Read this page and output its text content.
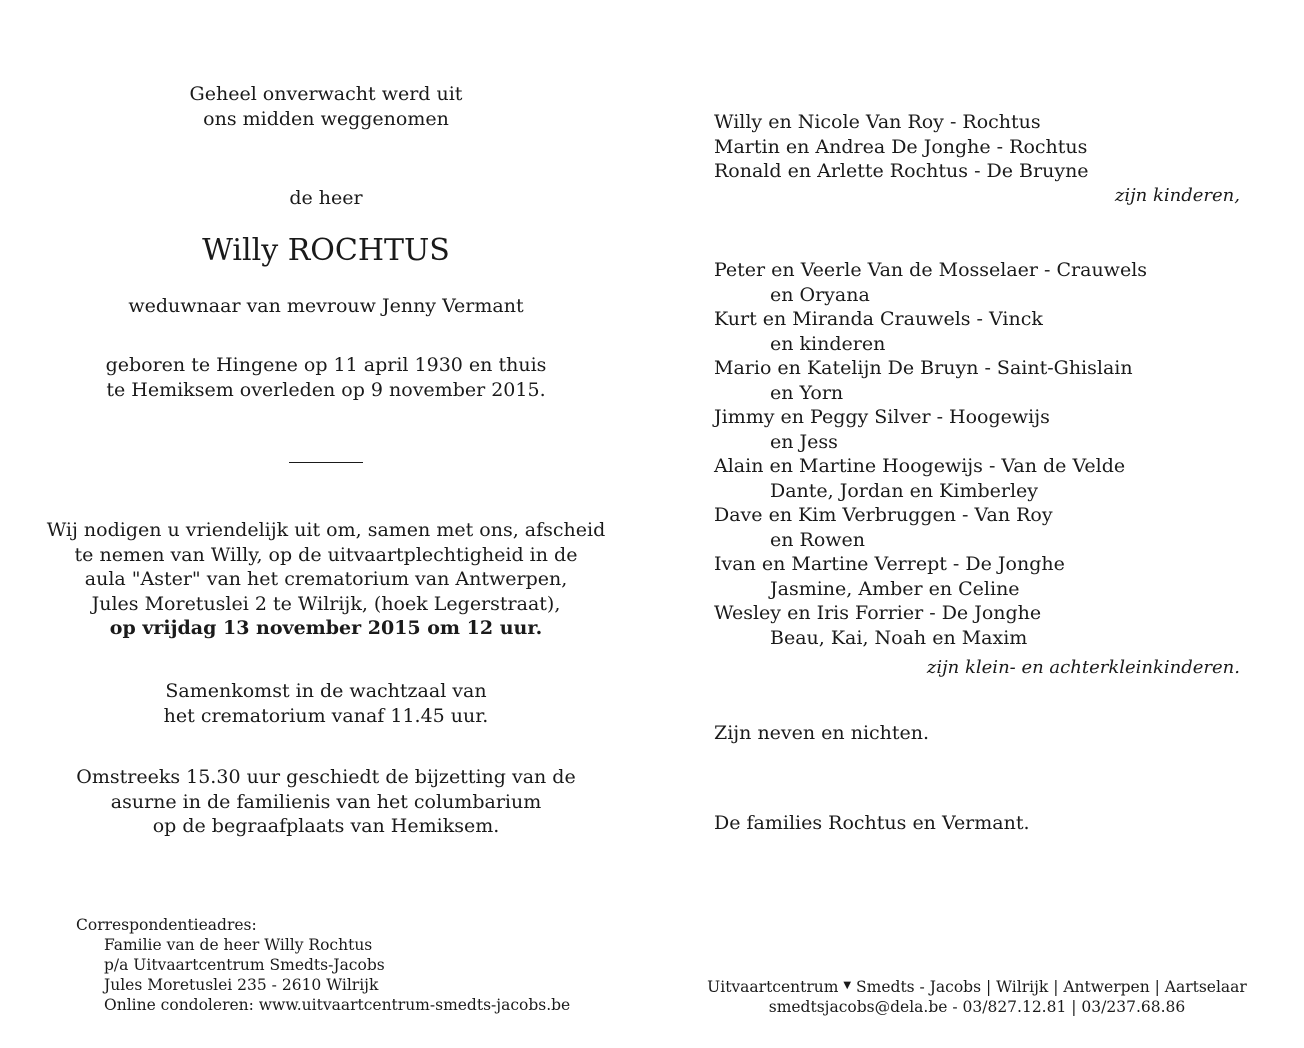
Geheel onverwacht werd uit
ons midden weggenomen
de heer
Willy ROCHTUS
weduwnaar van mevrouw Jenny Vermant
geboren te Hingene op 11 april 1930 en thuis
te Hemiksem overleden op 9 november 2015.
Wij nodigen u vriendelijk uit om, samen met ons, afscheid
te nemen van Willy, op de uitvaartplechtigheid in de
aula "Aster" van het crematorium van Antwerpen,
Jules Moretuslei 2 te Wilrijk, (hoek Legerstraat),
op vrijdag 13 november 2015 om 12 uur.
Samenkomst in de wachtzaal van
het crematorium vanaf 11.45 uur.
Omstreeks 15.30 uur geschiedt de bijzetting van de
asurne in de familienis van het columbarium
op de begraafplaats van Hemiksem.
Correspondentieadres:
Familie van de heer Willy Rochtus
p/a Uitvaartcentrum Smedts-Jacobs
Jules Moretuslei 235 - 2610 Wilrijk
Online condoleren: www.uitvaartcentrum-smedts-jacobs.be
Willy en Nicole Van Roy - Rochtus
Martin en Andrea De Jonghe - Rochtus
Ronald en Arlette Rochtus - De Bruyne
zijn kinderen,
Peter en Veerle Van de Mosselaer - Crauwels
en Oryana
Kurt en Miranda Crauwels - Vinck
en kinderen
Mario en Katelijn De Bruyn - Saint-Ghislain
en Yorn
Jimmy en Peggy Silver - Hoogewijs
en Jess
Alain en Martine Hoogewijs - Van de Velde
Dante, Jordan en Kimberley
Dave en Kim Verbruggen - Van Roy
en Rowen
Ivan en Martine Verrept - De Jonghe
Jasmine, Amber en Celine
Wesley en Iris Forrier - De Jonghe
Beau, Kai, Noah en Maxim
zijn klein- en achterkleinkinderen.
Zijn neven en nichten.
De families Rochtus en Vermant.
Uitvaartcentrum ▼ Smedts - Jacobs | Wilrijk | Antwerpen | Aartselaar
smedtsjacobs@dela.be - 03/827.12.81 | 03/237.68.86
